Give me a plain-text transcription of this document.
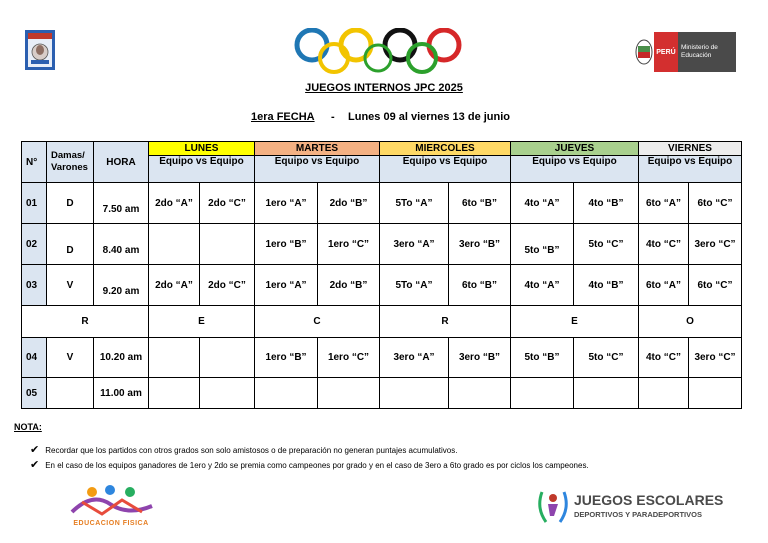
PERÚ
Ministerio de Educación
JUEGOS INTERNOS JPC 2025
1era FECHA - Lunes 09 al viernes 13 de junio
N°	Damas/ Varones	HORA	LUNES		MARTES		MIERCOLES		JUEVES		VIERNES	
			Equipo vs Equipo		Equipo vs Equipo		Equipo vs Equipo		Equipo vs Equipo		Equipo vs Equipo	
01	D	7.50 am	2do “A”	2do “C”	1ero “A”	2do “B”	5To “A”	6to “B”	4to “A”	4to “B”	6to “A”	6to “C”
02	D	8.40 am			1ero “B”	1ero “C”	3ero “A”	3ero “B”	5to “B”	5to “C”	4to “C”	3ero “C”
03	V	9.20 am	2do “A”	2do “C”	1ero “A”	2do “B”	5To “A”	6to “B”	4to “A”	4to “B”	6to “A”	6to “C”
R			E		C		R		E		O	
04	V	10.20 am			1ero “B”	1ero “C”	3ero “A”	3ero “B”	5to “B”	5to “C”	4to “C”	3ero “C”
05		11.00 am										
NOTA:
✔ Recordar que los partidos con otros grados son solo amistosos o de preparación no generan puntajes acumulativos.
✔ En el caso de los equipos ganadores de 1ero y 2do se premia como campeones por grado y en el caso de 3ero a 6to grado es por ciclos los campeones.
EDUCACION FISICA
JUEGOS ESCOLARES
DEPORTIVOS Y PARADEPORTIVOS
